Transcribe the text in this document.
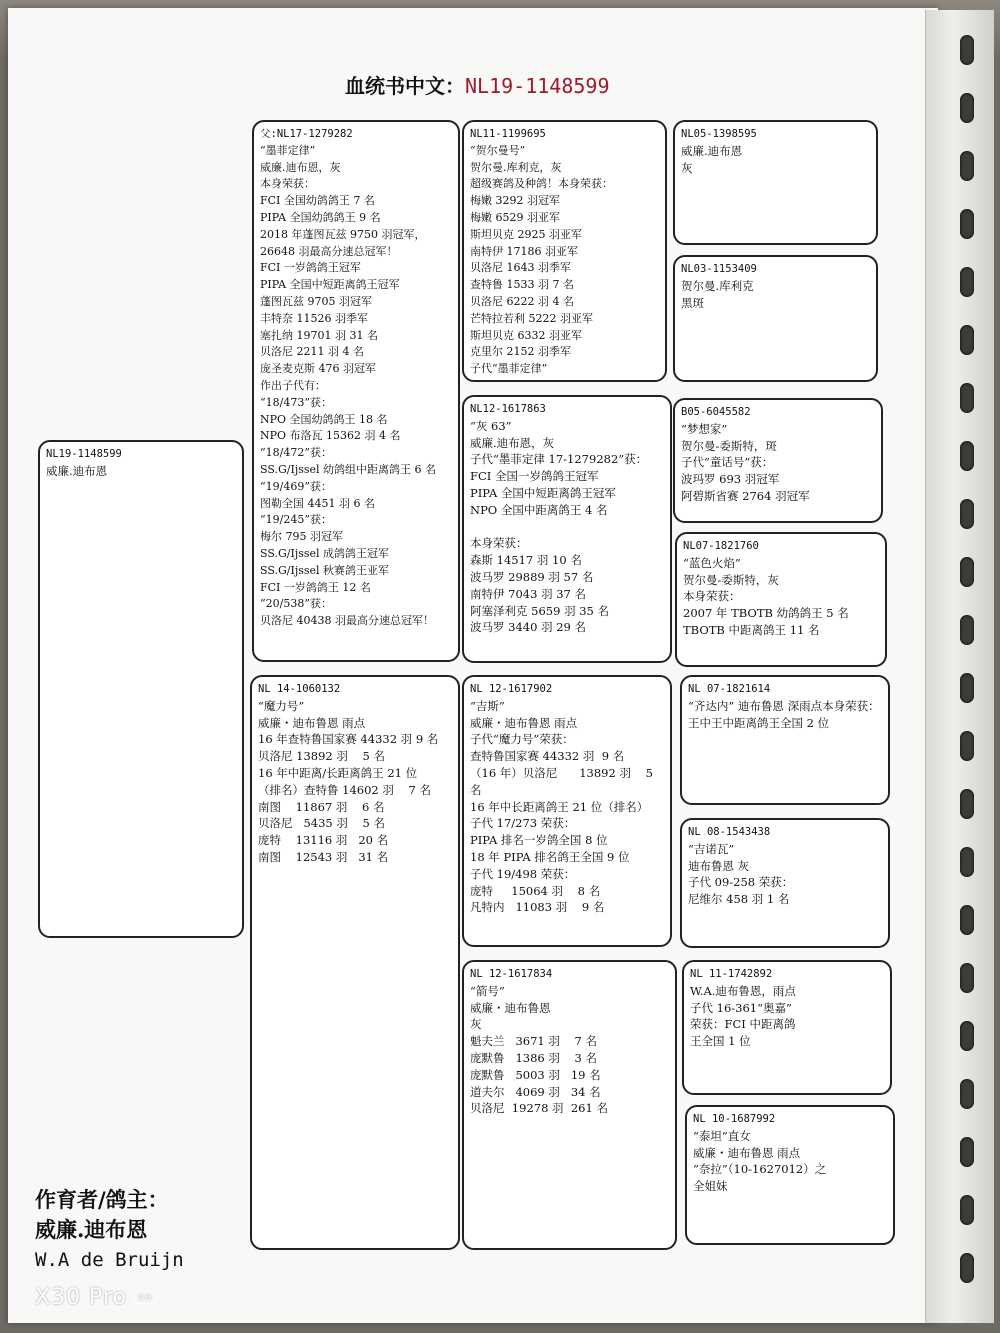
血统书中文：NL19-1148599
NL19-1148599
威廉.迪布恩
父:NL17-1279282
“墨菲定律”
威廉.迪布恩，灰
本身荣获：
FCI 全国幼鸽鸽王 7 名
PIPA 全国幼鸽鸽王 9 名
2018 年蓬图瓦兹 9750 羽冠军，
26648 羽最高分速总冠军！
FCI 一岁鸽鸽王冠军
PIPA 全国中短距离鸽王冠军
蓬图瓦兹 9705 羽冠军
丰特奈 11526 羽季军
塞扎纳 19701 羽 31 名
贝洛尼 2211 羽 4 名
庞圣麦克斯 476 羽冠军
作出子代有：
“18/473”获：
NPO 全国幼鸽鸽王 18 名
NPO 布洛瓦 15362 羽 4 名
“18/472”获：
SS.G/Ijssel 幼鸽组中距离鸽王 6 名
“19/469”获：
图勒全国 4451 羽 6 名
“19/245”获：
梅尔 795 羽冠军
SS.G/Ijssel 成鸽鸽王冠军
SS.G/Ijssel 秋赛鸽王亚军
FCI 一岁鸽鸽王 12 名
“20/538”获：
贝洛尼 40438 羽最高分速总冠军！
NL 14-1060132
“魔力号”
威廉・迪布鲁恩 雨点
16 年查特鲁国家赛 44332 羽 9 名
贝洛尼 13892 羽    5 名
16 年中距离/长距离鸽王 21 位
（排名）查特鲁 14602 羽    7 名
南图    11867 羽    6 名
贝洛尼   5435 羽    5 名
庞特    13116 羽   20 名
南图    12543 羽   31 名
NL11-1199695
“贺尔曼号”
贺尔曼.库利克，灰
超级赛鸽及种鸽！本身荣获：
梅嫩 3292 羽冠军
梅嫩 6529 羽亚军
斯坦贝克 2925 羽亚军
南特伊 17186 羽亚军
贝洛尼 1643 羽季军
查特鲁 1533 羽 7 名
贝洛尼 6222 羽 4 名
芒特拉若利 5222 羽亚军
斯坦贝克 6332 羽亚军
克里尔 2152 羽季军
子代“墨菲定律”
NL12-1617863
“灰 63”
威廉.迪布恩，灰
子代“墨菲定律 17-1279282”获：
FCI 全国一岁鸽鸽王冠军
PIPA 全国中短距离鸽王冠军
NPO 全国中距离鸽王 4 名

本身荣获：
森斯 14517 羽 10 名
波马罗 29889 羽 57 名
南特伊 7043 羽 37 名
阿塞泽利克 5659 羽 35 名
波马罗 3440 羽 29 名
NL 12-1617902
“吉斯”
威廉・迪布鲁恩 雨点
子代“魔力号”荣获：
查特鲁国家赛 44332 羽  9 名
（16 年）贝洛尼      13892 羽    5 名
16 年中长距离鸽王 21 位（排名）
子代 17/273 荣获：
PIPA 排名一岁鸽全国 8 位
18 年 PIPA 排名鸽王全国 9 位
子代 19/498 荣获：
庞特     15064 羽    8 名
凡特内   11083 羽    9 名
NL 12-1617834
“箭号”
威廉・迪布鲁恩
灰
魁夫兰   3671 羽    7 名
庞默鲁   1386 羽    3 名
庞默鲁   5003 羽   19 名
道夫尔   4069 羽   34 名
贝洛尼  19278 羽  261 名
NL05-1398595
威廉.迪布恩
灰
NL03-1153409
贺尔曼.库利克
黑斑
B05-6045582
“梦想家”
贺尔曼-委斯特，斑
子代“童话号”获：
波玛罗 693 羽冠军
阿碧斯省赛 2764 羽冠军
NL07-1821760
“蓝色火焰”
贺尔曼-委斯特，灰
本身荣获：
2007 年 TBOTB 幼鸽鸽王 5 名
TBOTB 中距离鸽王 11 名
NL 07-1821614
“齐达内” 迪布鲁恩 深雨点本身荣获：
王中王中距离鸽王全国 2 位
NL 08-1543438
“吉诺瓦”
迪布鲁恩 灰
子代 09-258 荣获：
尼维尔 458 羽 1 名
NL 11-1742892
W.A.迪布鲁恩，雨点
子代 16-361“奥嘉”
荣获：FCI 中距离鸽
王全国 1 位
NL 10-1687992
“泰坦”直女
威廉・迪布鲁恩 雨点
“奈拉”（10-1627012）之
全姐妹
作育者/鸽主：
威廉.迪布恩
W.A de Bruijn
X30 Pro 5G
